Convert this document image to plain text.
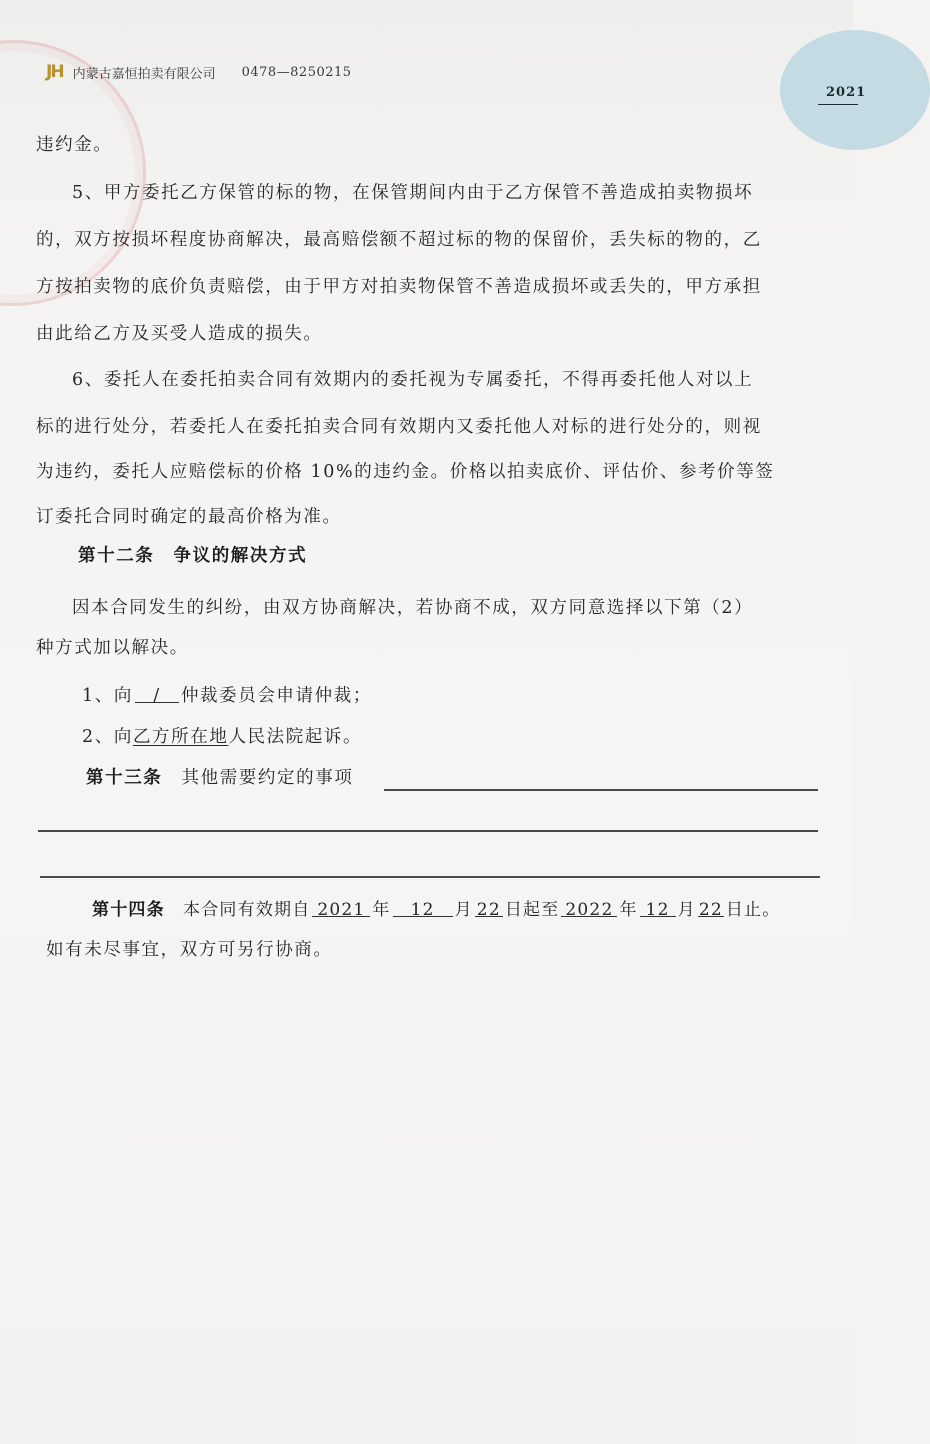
2021
JH 内蒙古嘉恒拍卖有限公司 0478—8250215
违约金。
5、甲方委托乙方保管的标的物，在保管期间内由于乙方保管不善造成拍卖物损坏
的，双方按损坏程度协商解决，最高赔偿额不超过标的物的保留价，丢失标的物的，乙
方按拍卖物的底价负责赔偿，由于甲方对拍卖物保管不善造成损坏或丢失的，甲方承担
由此给乙方及买受人造成的损失。
6、委托人在委托拍卖合同有效期内的委托视为专属委托，不得再委托他人对以上
标的进行处分，若委托人在委托拍卖合同有效期内又委托他人对标的进行处分的，则视
为违约，委托人应赔偿标的价格 10%的违约金。价格以拍卖底价、评估价、参考价等签
订委托合同时确定的最高价格为准。
第十二条　争议的解决方式
因本合同发生的纠纷，由双方协商解决，若协商不成，双方同意选择以下第（2）
种方式加以解决。
1、向 / 仲裁委员会申请仲裁；
2、向乙方所在地人民法院起诉。
第十三条　 其他需要约定的事项
第十四条　 本合同有效期自 2021 年 12 月 22 日起至 2022 年 12 月 22 日止。
如有未尽事宜，双方可另行协商。
